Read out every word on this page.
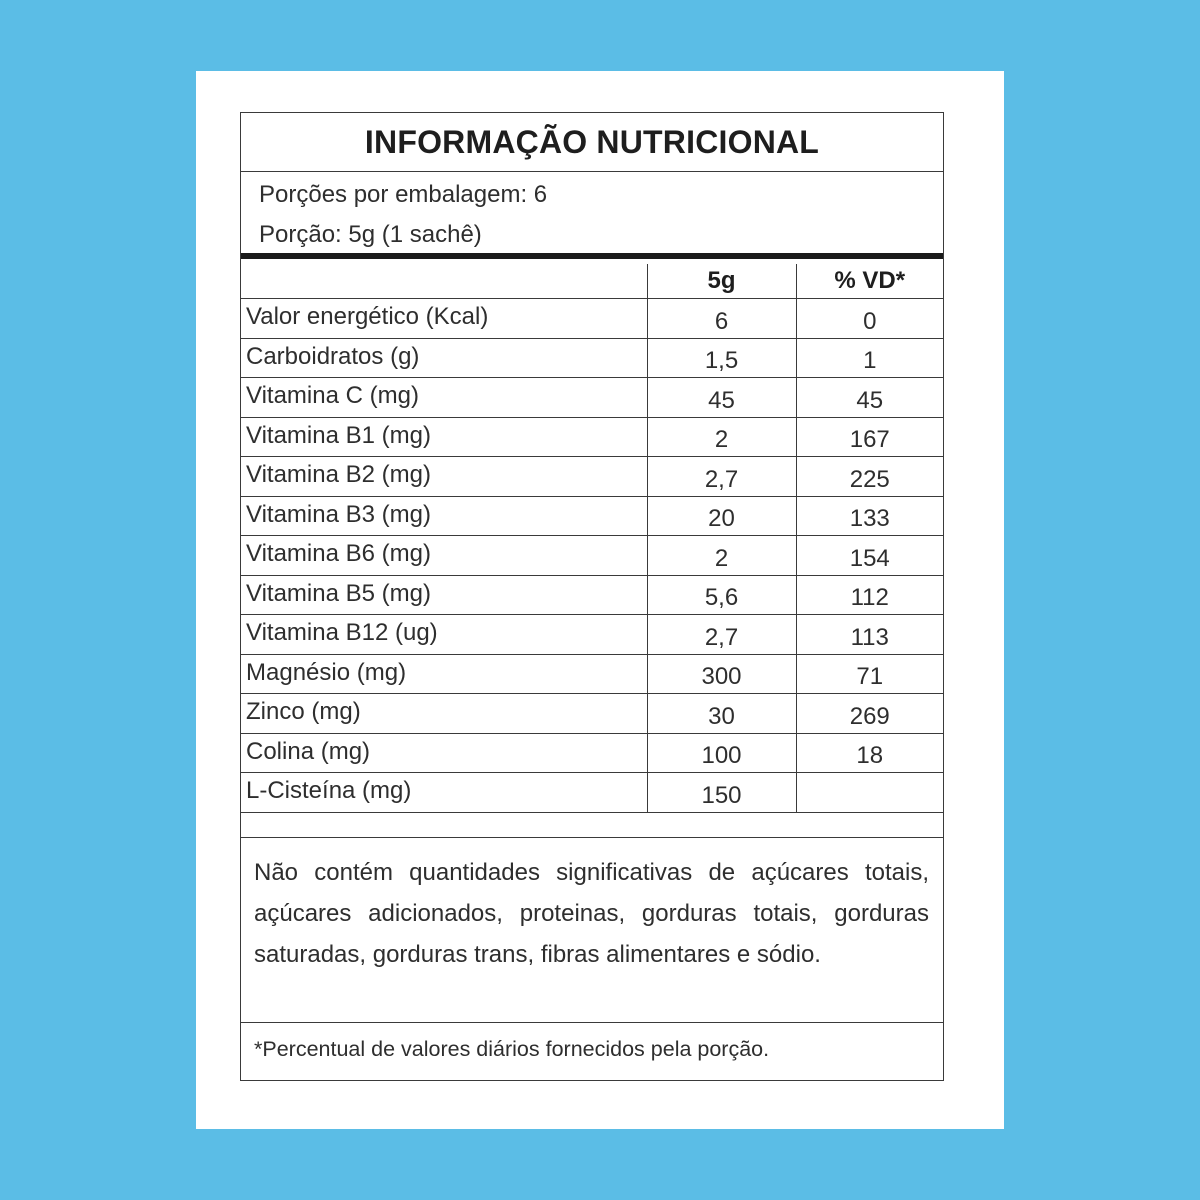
INFORMAÇÃO NUTRICIONAL
Porções por embalagem: 6
Porção: 5g (1 sachê)
	5g	% VD*
Valor energético (Kcal)	6	0
Carboidratos (g)	1,5	1
Vitamina C (mg)	45	45
Vitamina B1 (mg)	2	167
Vitamina B2 (mg)	2,7	225
Vitamina B3 (mg)	20	133
Vitamina B6 (mg)	2	154
Vitamina B5 (mg)	5,6	112
Vitamina B12 (ug)	2,7	113
Magnésio (mg)	300	71
Zinco (mg)	30	269
Colina (mg)	100	18
L-Cisteína (mg)	150	
Não contém quantidades significativas de açúcares totais, açúcares adicionados, proteinas, gorduras totais, gorduras saturadas, gorduras trans, fibras alimentares e sódio.
*Percentual de valores diários fornecidos pela porção.
